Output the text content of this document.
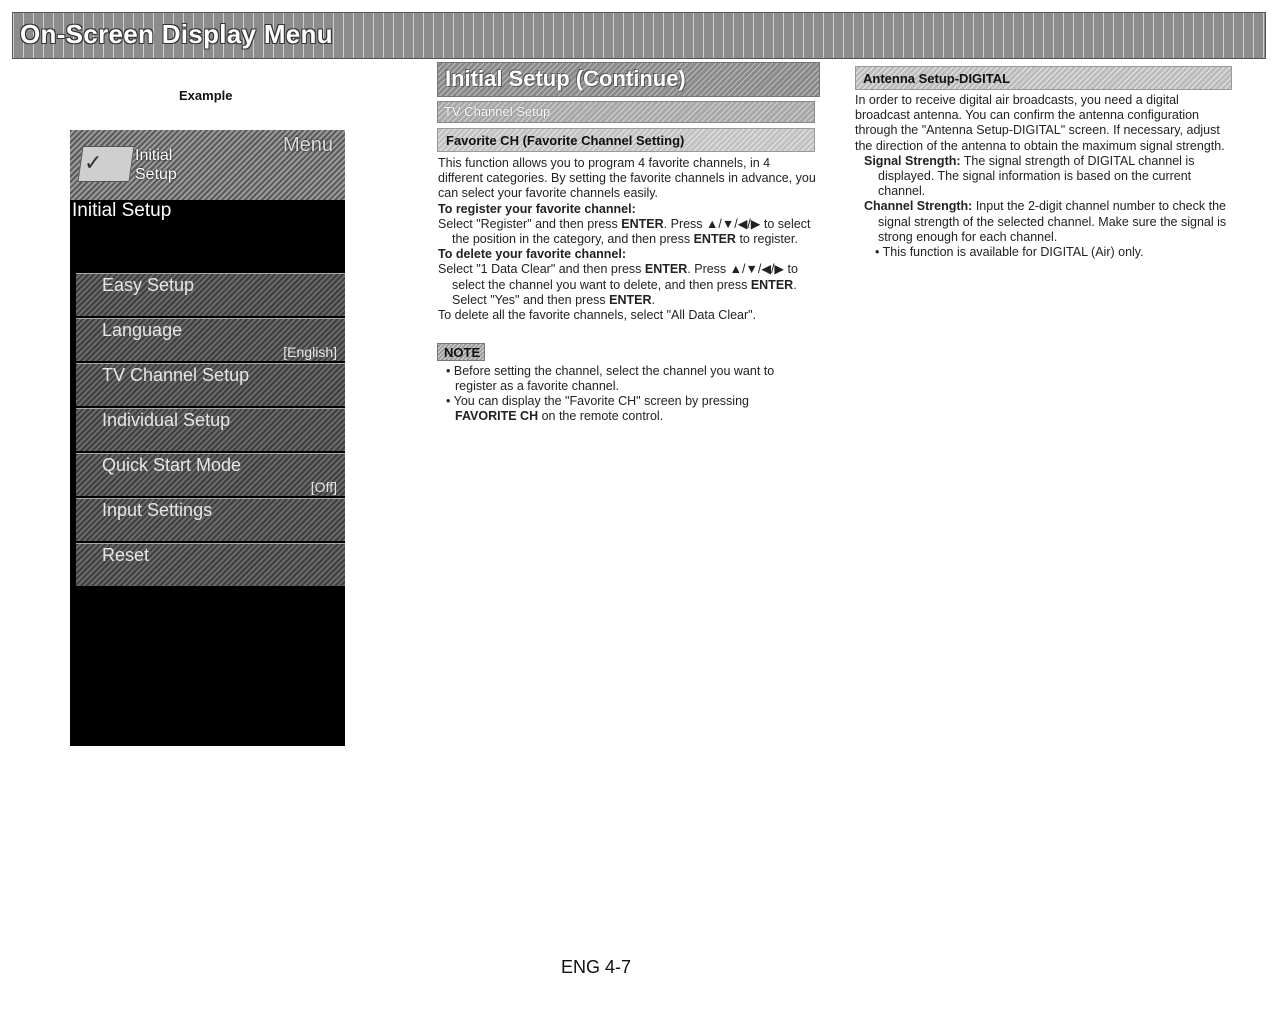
On-Screen Display Menu
Example
✓ Initial
Setup
Menu
Initial Setup
Easy Setup
Language
[English]
TV Channel Setup
Individual Setup
Quick Start Mode
[Off]
Input Settings
Reset
Initial Setup (Continue)
TV Channel Setup
Favorite CH (Favorite Channel Setting)

This function allows you to program 4 favorite channels, in 4 different categories. By setting the favorite channels in advance, you can select your favorite channels easily.

To register your favorite channel:

Select "Register" and then press ENTER. Press ▲/▼/◀/▶ to select the position in the category, and then press ENTER to register.

To delete your favorite channel:

Select "1 Data Clear" and then press ENTER. Press ▲/▼/◀/▶ to select the channel you want to delete, and then press ENTER. Select "Yes" and then press ENTER.

To delete all the favorite channels, select "All Data Clear".

NOTE

• Before setting the channel, select the channel you want to register as a favorite channel.

• You can display the "Favorite CH" screen by pressing FAVORITE CH on the remote control.

Antenna Setup-DIGITAL

In order to receive digital air broadcasts, you need a digital broadcast antenna. You can confirm the antenna configuration through the "Antenna Setup-DIGITAL" screen. If necessary, adjust the direction of the antenna to obtain the maximum signal strength.

Signal Strength: The signal strength of DIGITAL channel is displayed. The signal information is based on the current channel.

Channel Strength: Input the 2-digit channel number to check the signal strength of the selected channel. Make sure the signal is strong enough for each channel.

• This function is available for DIGITAL (Air) only.

ENG 4-7
